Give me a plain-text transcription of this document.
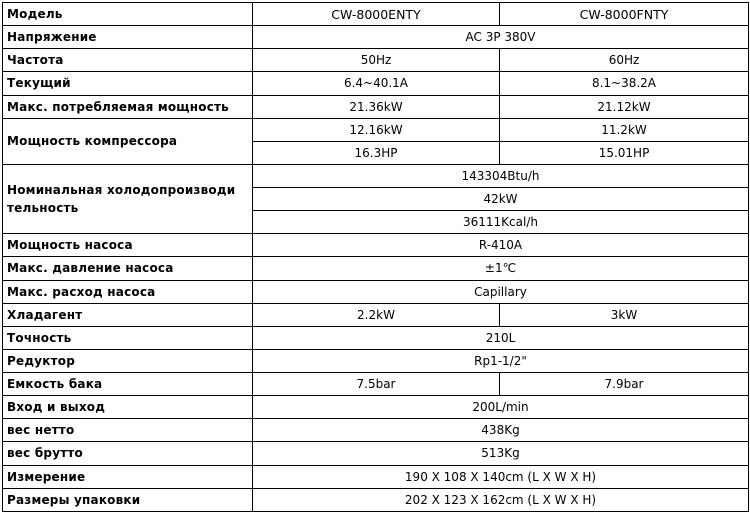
Модель	CW-8000ENTY	CW-8000FNTY
Напряжение	AC 3P 380V	
Частота	50Hz	60Hz
Текущий	6.4~40.1A	8.1~38.2A
Макс. потребляемая мощность	21.36kW	21.12kW
Мощность компрессора	12.16kW	11.2kW
	16.3HP	15.01HP
Номинальная холодопроизводи
тельность	143304Btu/h	
	42kW	
	36111Kcal/h	
Мощность насоса	R-410A	
Макс. давление насоса	±1℃	
Макс. расход насоса	Capillary	
Хладагент	2.2kW	3kW
Точность	210L	
Редуктор	Rp1-1/2"	
Емкость бака	7.5bar	7.9bar
Вход и выход	200L/min	
вес нетто	438Kg	
вес брутто	513Kg	
Измерение	190 X 108 X 140cm (L X W X H)	
Размеры упаковки	202 X 123 X 162cm (L X W X H)	
